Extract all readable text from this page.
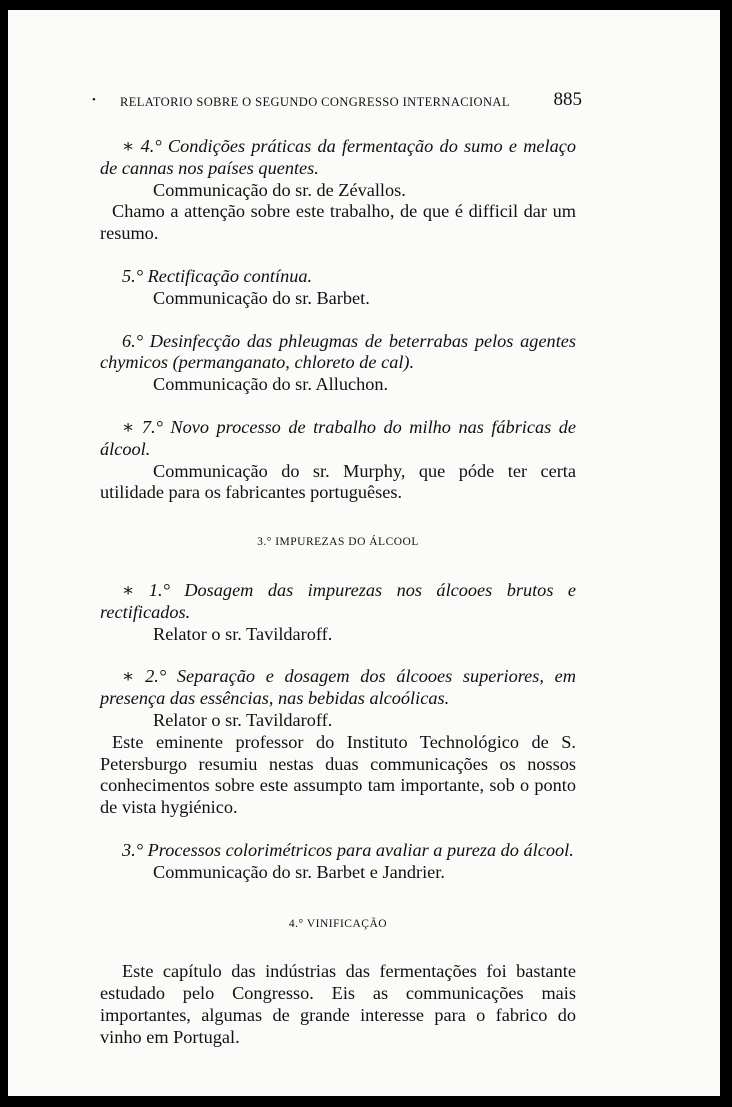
• RELATORIO SOBRE O SEGUNDO CONGRESSO INTERNACIONAL 885

∗ 4.° Condições práticas da fermentação do sumo e melaço de cannas nos países quentes.

Communicação do sr. de Zévallos.

Chamo a attenção sobre este trabalho, de que é difficil dar um resumo.

5.° Rectificação contínua.

Communicação do sr. Barbet.

6.° Desinfecção das phleugmas de beterrabas pelos agentes chymicos (permanganato, chloreto de cal).

Communicação do sr. Alluchon.

∗ 7.° Novo processo de trabalho do milho nas fábricas de álcool.

Communicação do sr. Murphy, que póde ter certa utilidade para os fabricantes portuguêses.

3.° IMPUREZAS DO ÁLCOOL

∗ 1.° Dosagem das impurezas nos álcooes brutos e rectificados.

Relator o sr. Tavildaroff.

∗ 2.° Separação e dosagem dos álcooes superiores, em presença das essências, nas bebidas alcoólicas.

Relator o sr. Tavildaroff.

Este eminente professor do Instituto Technológico de S. Petersburgo resumiu nestas duas communicações os nossos conhecimentos sobre este assumpto tam importante, sob o ponto de vista hygiénico.

3.° Processos colorimétricos para avaliar a pureza do álcool.

Communicação do sr. Barbet e Jandrier.

4.° VINIFICAÇÃO

Este capítulo das indústrias das fermentações foi bastante estudado pelo Congresso. Eis as communicações mais importantes, algumas de grande interesse para o fabrico do vinho em Portugal.
